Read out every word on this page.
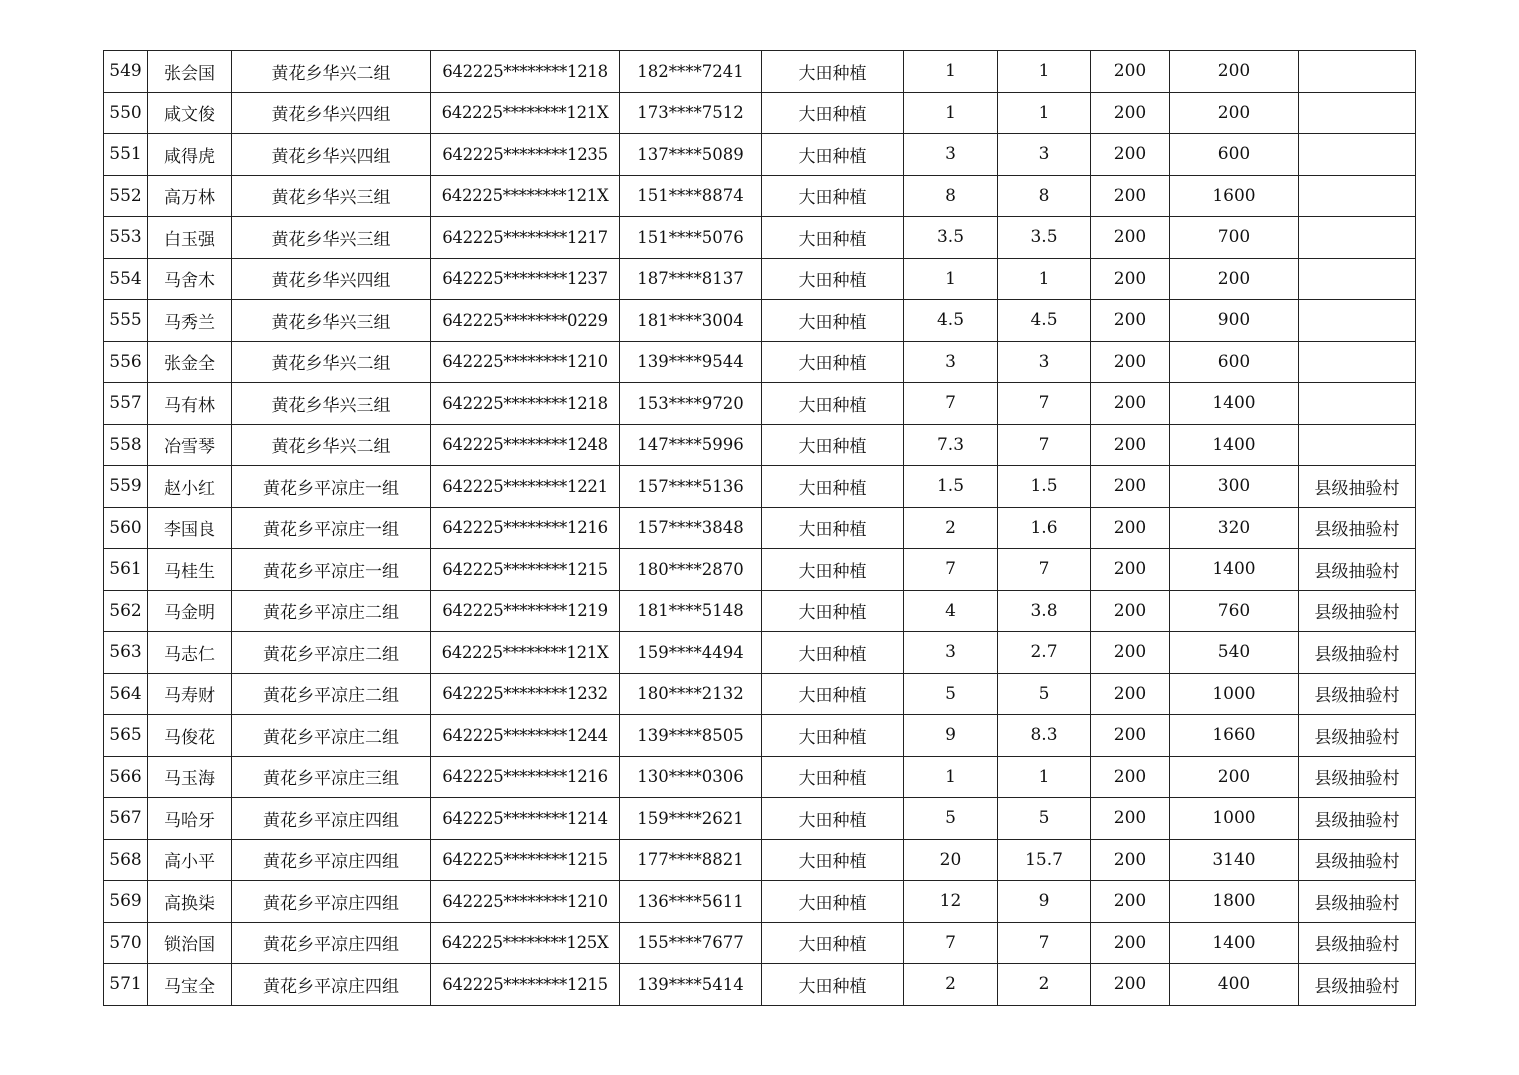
549	张会国	黄花乡华兴二组	642225********1218	182****7241	大田种植	1	1	200	200	
550	咸文俊	黄花乡华兴四组	642225********121X	173****7512	大田种植	1	1	200	200	
551	咸得虎	黄花乡华兴四组	642225********1235	137****5089	大田种植	3	3	200	600	
552	高万林	黄花乡华兴三组	642225********121X	151****8874	大田种植	8	8	200	1600	
553	白玉强	黄花乡华兴三组	642225********1217	151****5076	大田种植	3.5	3.5	200	700	
554	马舍木	黄花乡华兴四组	642225********1237	187****8137	大田种植	1	1	200	200	
555	马秀兰	黄花乡华兴三组	642225********0229	181****3004	大田种植	4.5	4.5	200	900	
556	张金全	黄花乡华兴二组	642225********1210	139****9544	大田种植	3	3	200	600	
557	马有林	黄花乡华兴三组	642225********1218	153****9720	大田种植	7	7	200	1400	
558	冶雪琴	黄花乡华兴二组	642225********1248	147****5996	大田种植	7.3	7	200	1400	
559	赵小红	黄花乡平凉庄一组	642225********1221	157****5136	大田种植	1.5	1.5	200	300	县级抽验村
560	李国良	黄花乡平凉庄一组	642225********1216	157****3848	大田种植	2	1.6	200	320	县级抽验村
561	马桂生	黄花乡平凉庄一组	642225********1215	180****2870	大田种植	7	7	200	1400	县级抽验村
562	马金明	黄花乡平凉庄二组	642225********1219	181****5148	大田种植	4	3.8	200	760	县级抽验村
563	马志仁	黄花乡平凉庄二组	642225********121X	159****4494	大田种植	3	2.7	200	540	县级抽验村
564	马寿财	黄花乡平凉庄二组	642225********1232	180****2132	大田种植	5	5	200	1000	县级抽验村
565	马俊花	黄花乡平凉庄二组	642225********1244	139****8505	大田种植	9	8.3	200	1660	县级抽验村
566	马玉海	黄花乡平凉庄三组	642225********1216	130****0306	大田种植	1	1	200	200	县级抽验村
567	马哈牙	黄花乡平凉庄四组	642225********1214	159****2621	大田种植	5	5	200	1000	县级抽验村
568	高小平	黄花乡平凉庄四组	642225********1215	177****8821	大田种植	20	15.7	200	3140	县级抽验村
569	高换柒	黄花乡平凉庄四组	642225********1210	136****5611	大田种植	12	9	200	1800	县级抽验村
570	锁治国	黄花乡平凉庄四组	642225********125X	155****7677	大田种植	7	7	200	1400	县级抽验村
571	马宝全	黄花乡平凉庄四组	642225********1215	139****5414	大田种植	2	2	200	400	县级抽验村
